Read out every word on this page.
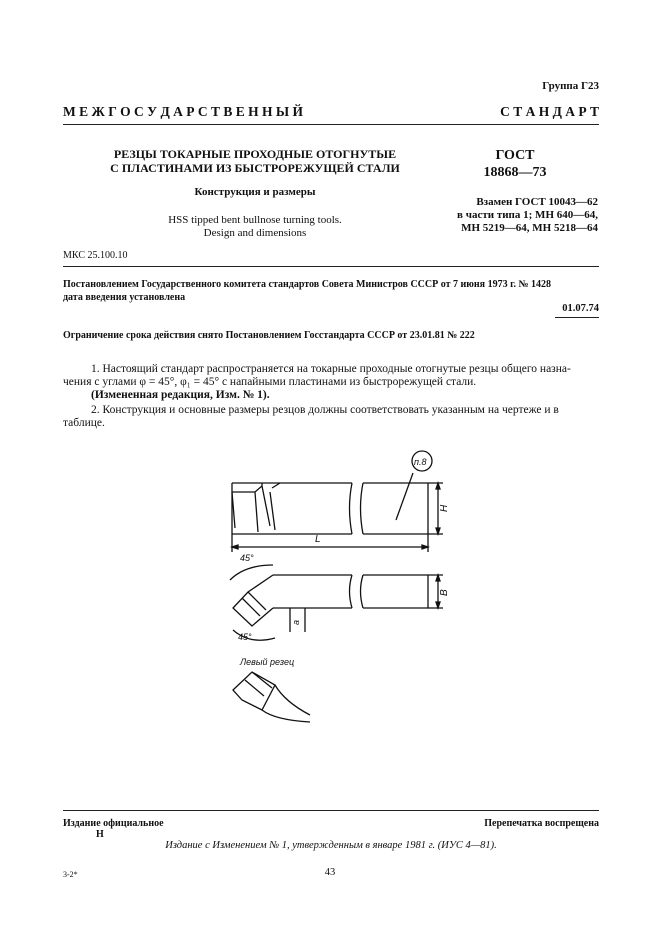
Группа Г23
М Е Ж Г О С У Д А Р С Т В Е Н Н Ы Й	С Т А Н Д А Р Т
РЕЗЦЫ ТОКАРНЫЕ ПРОХОДНЫЕ ОТОГНУТЫЕ
С ПЛАСТИНАМИ ИЗ БЫСТРОРЕЖУЩЕЙ СТАЛИ
Конструкция и размеры
HSS tipped bent bullnose turning tools.
Design and dimensions
ГОСТ
18868—73
Взамен ГОСТ 10043—62
в части типа 1; МН 640—64,
МН 5219—64, МН 5218—64
МКС 25.100.10
Постановлением Государственного комитета стандартов Совета Министров СССР от 7 июня 1973 г. № 1428
дата введения установлена
01.07.74
Ограничение срока действия снято Постановлением Госстандарта СССР от 23.01.81 № 222
1. Настоящий стандарт распространяется на токарные проходные отогнутые резцы общего назна-
чения с углами φ = 45°, φ₁ = 45° с напайными пластинами из быстрорежущей стали.
(Измененная редакция, Изм. № 1).
2. Конструкция и основные размеры резцов должны соответствовать указанным на чертеже и в
таблице.
п.8
H
L
45°
45°
B
a
Левый резец
Издание официальное
Н
Перепечатка воспрещена
Издание с Изменением № 1, утвержденным в январе 1981 г. (ИУС 4—81).
3-2*	43
